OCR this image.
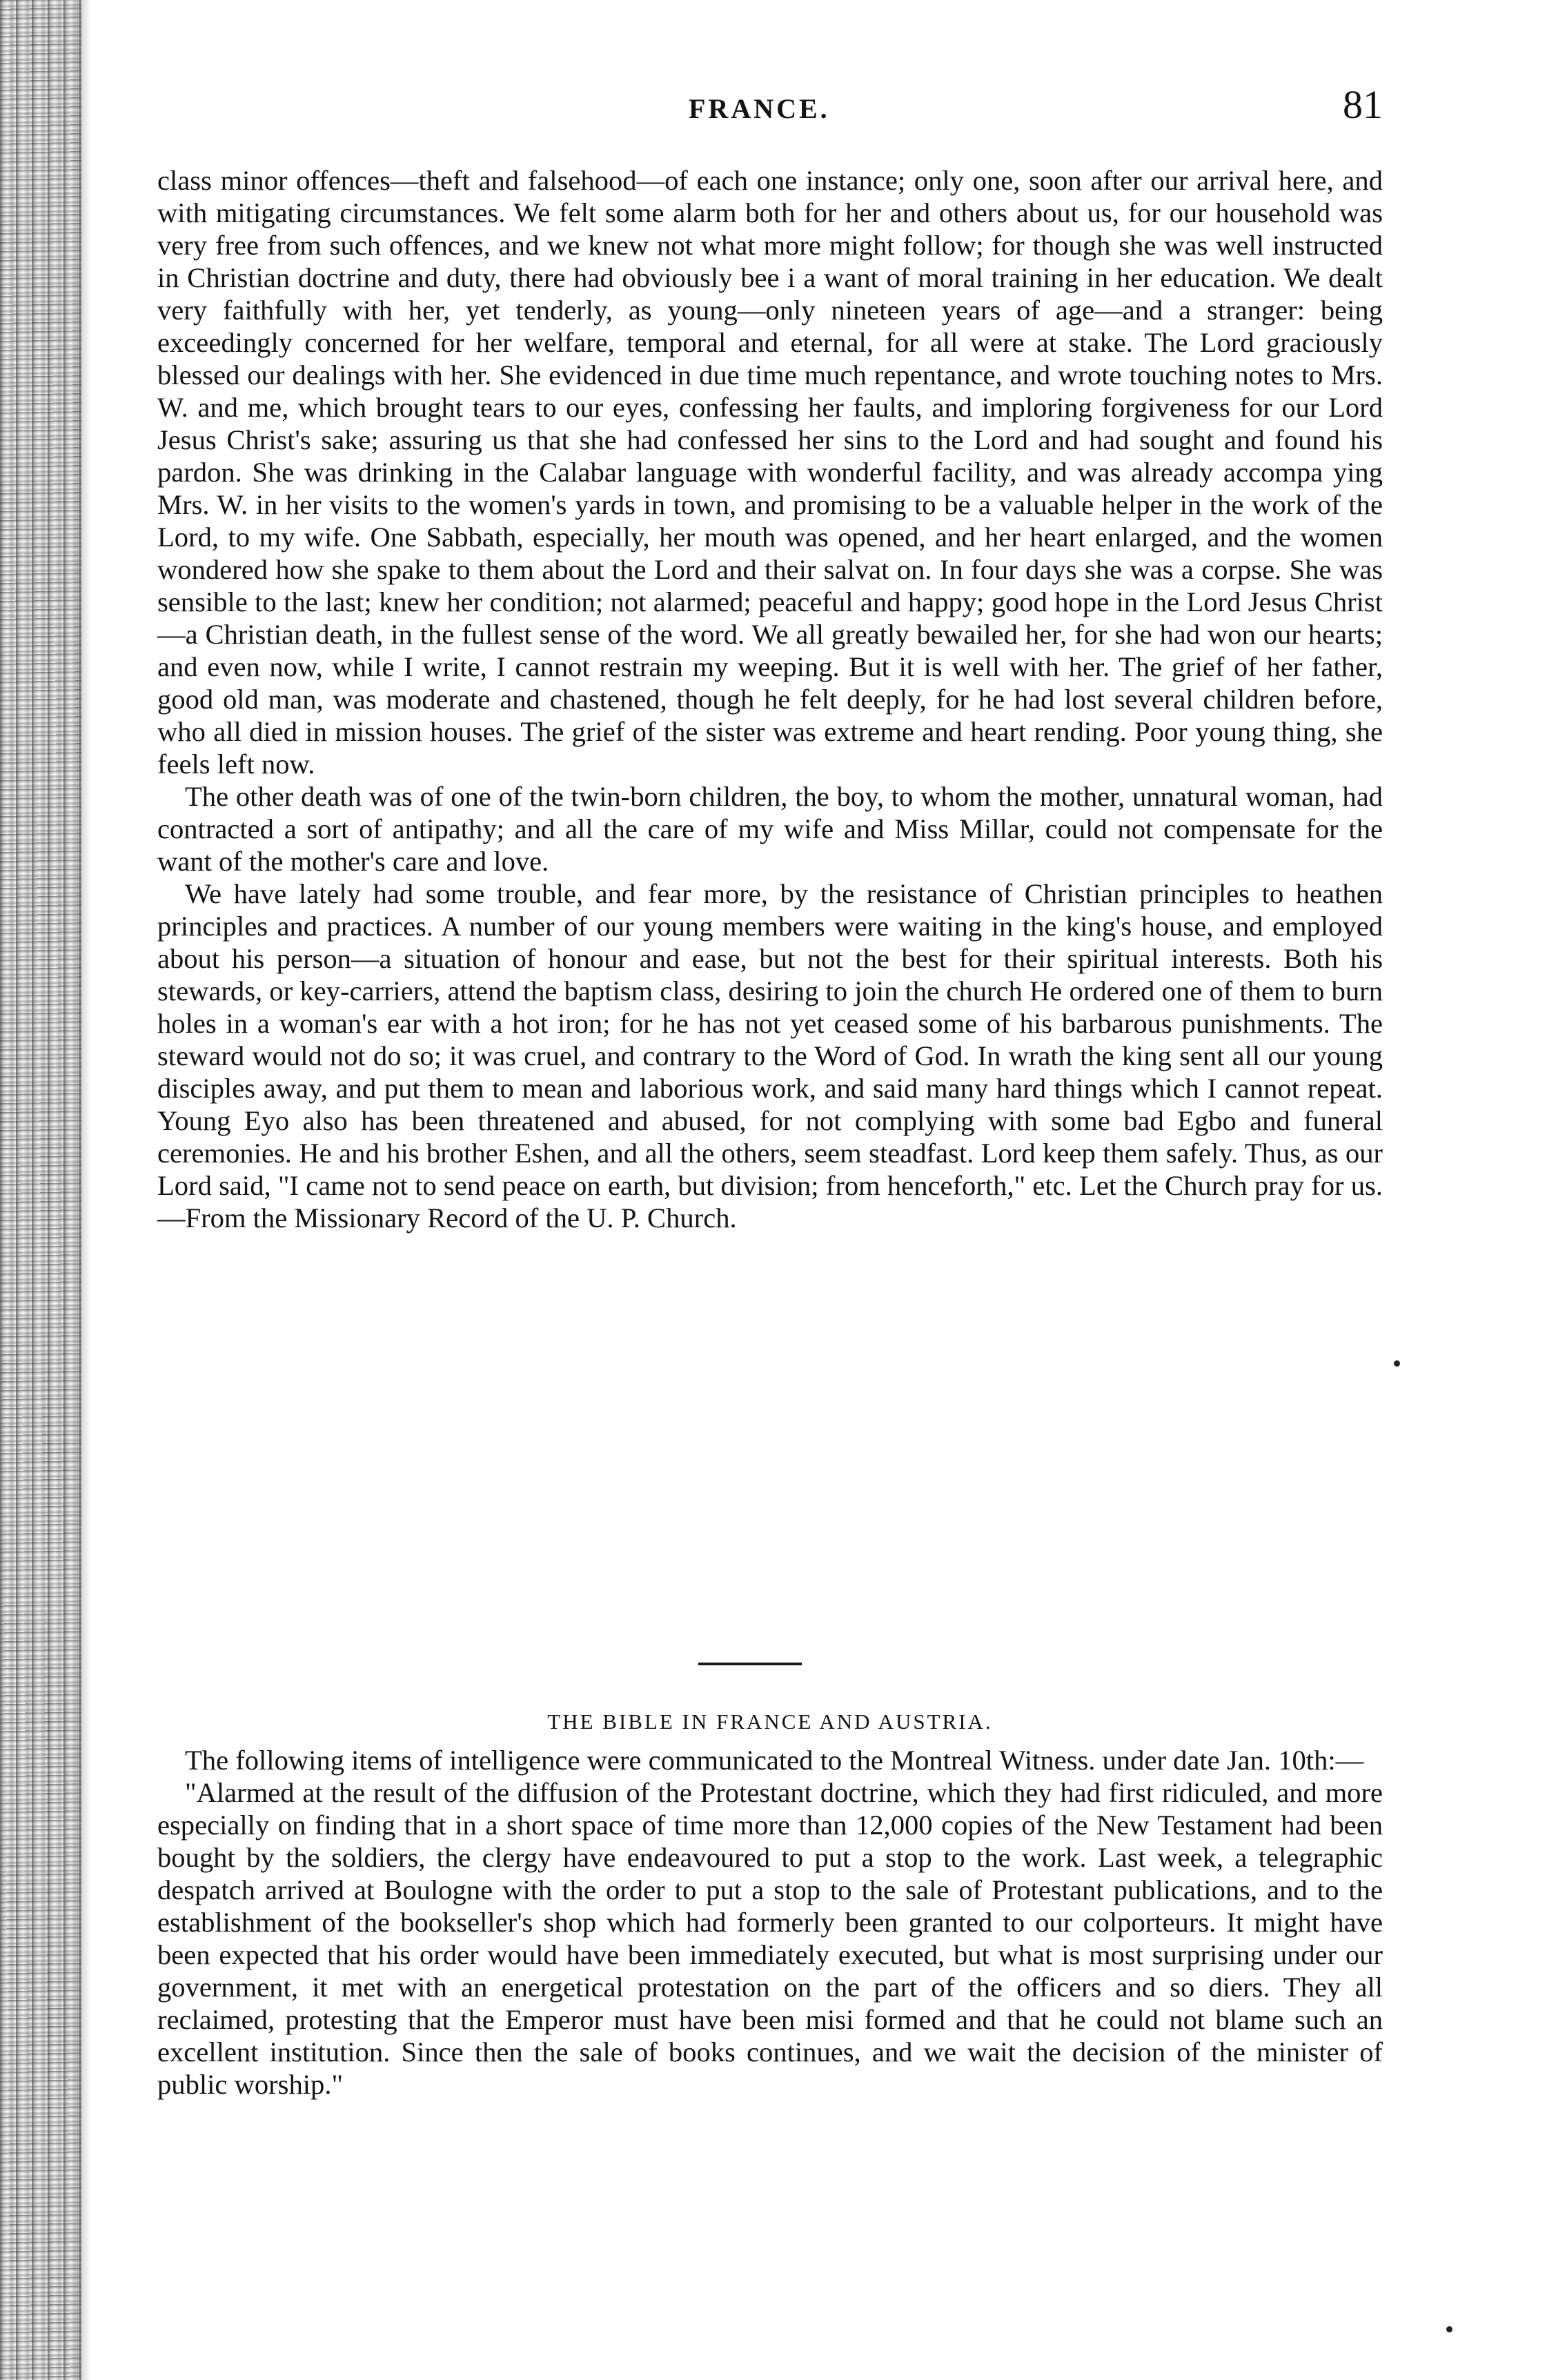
FRANCE.	81

class minor offences—theft and falsehood—of each one instance; only one, soon after our arrival here, and with mitigating circumstances. We felt some alarm both for her and others about us, for our household was very free from such offences, and we knew not what more might follow; for though she was well instructed in Christian doctrine and duty, there had obviously bee i a want of moral training in her education. We dealt very faithfully with her, yet tenderly, as young—only nineteen years of age—and a stranger: being exceedingly concerned for her welfare, temporal and eternal, for all were at stake. The Lord graciously blessed our dealings with her. She evidenced in due time much repentance, and wrote touching notes to Mrs. W. and me, which brought tears to our eyes, confessing her faults, and imploring forgiveness for our Lord Jesus Christ's sake; assuring us that she had confessed her sins to the Lord and had sought and found his pardon. She was drinking in the Calabar language with wonderful facility, and was already accompa ying Mrs. W. in her visits to the women's yards in town, and promising to be a valuable helper in the work of the Lord, to my wife. One Sabbath, especially, her mouth was opened, and her heart enlarged, and the women wondered how she spake to them about the Lord and their salvat on. In four days she was a corpse. She was sensible to the last; knew her condition; not alarmed; peaceful and happy; good hope in the Lord Jesus Christ—a Christian death, in the fullest sense of the word. We all greatly bewailed her, for she had won our hearts; and even now, while I write, I cannot restrain my weeping. But it is well with her. The grief of her father, good old man, was moderate and chastened, though he felt deeply, for he had lost several children before, who all died in mission houses. The grief of the sister was extreme and heart rending. Poor young thing, she feels left now.

The other death was of one of the twin-born children, the boy, to whom the mother, unnatural woman, had contracted a sort of antipathy; and all the care of my wife and Miss Millar, could not compensate for the want of the mother's care and love.

We have lately had some trouble, and fear more, by the resistance of Christian principles to heathen principles and practices. A number of our young members were waiting in the king's house, and employed about his person—a situation of honour and ease, but not the best for their spiritual interests. Both his stewards, or key-carriers, attend the baptism class, desiring to join the church He ordered one of them to burn holes in a woman's ear with a hot iron; for he has not yet ceased some of his barbarous punishments. The steward would not do so; it was cruel, and contrary to the Word of God. In wrath the king sent all our young disciples away, and put them to mean and laborious work, and said many hard things which I cannot repeat. Young Eyo also has been threatened and abused, for not complying with some bad Egbo and funeral ceremonies. He and his brother Eshen, and all the others, seem steadfast. Lord keep them safely. Thus, as our Lord said, "I came not to send peace on earth, but division; from henceforth," etc. Let the Church pray for us.—From the Missionary Record of the U. P. Church.

THE BIBLE IN FRANCE AND AUSTRIA.

The following items of intelligence were communicated to the Montreal Witness. under date Jan. 10th:—

"Alarmed at the result of the diffusion of the Protestant doctrine, which they had first ridiculed, and more especially on finding that in a short space of time more than 12,000 copies of the New Testament had been bought by the soldiers, the clergy have endeavoured to put a stop to the work. Last week, a telegraphic despatch arrived at Boulogne with the order to put a stop to the sale of Protestant publications, and to the establishment of the bookseller's shop which had formerly been granted to our colporteurs. It might have been expected that his order would have been immediately executed, but what is most surprising under our government, it met with an energetical protestation on the part of the officers and so diers. They all reclaimed, protesting that the Emperor must have been misi formed and that he could not blame such an excellent institution. Since then the sale of books continues, and we wait the decision of the minister of public worship."
